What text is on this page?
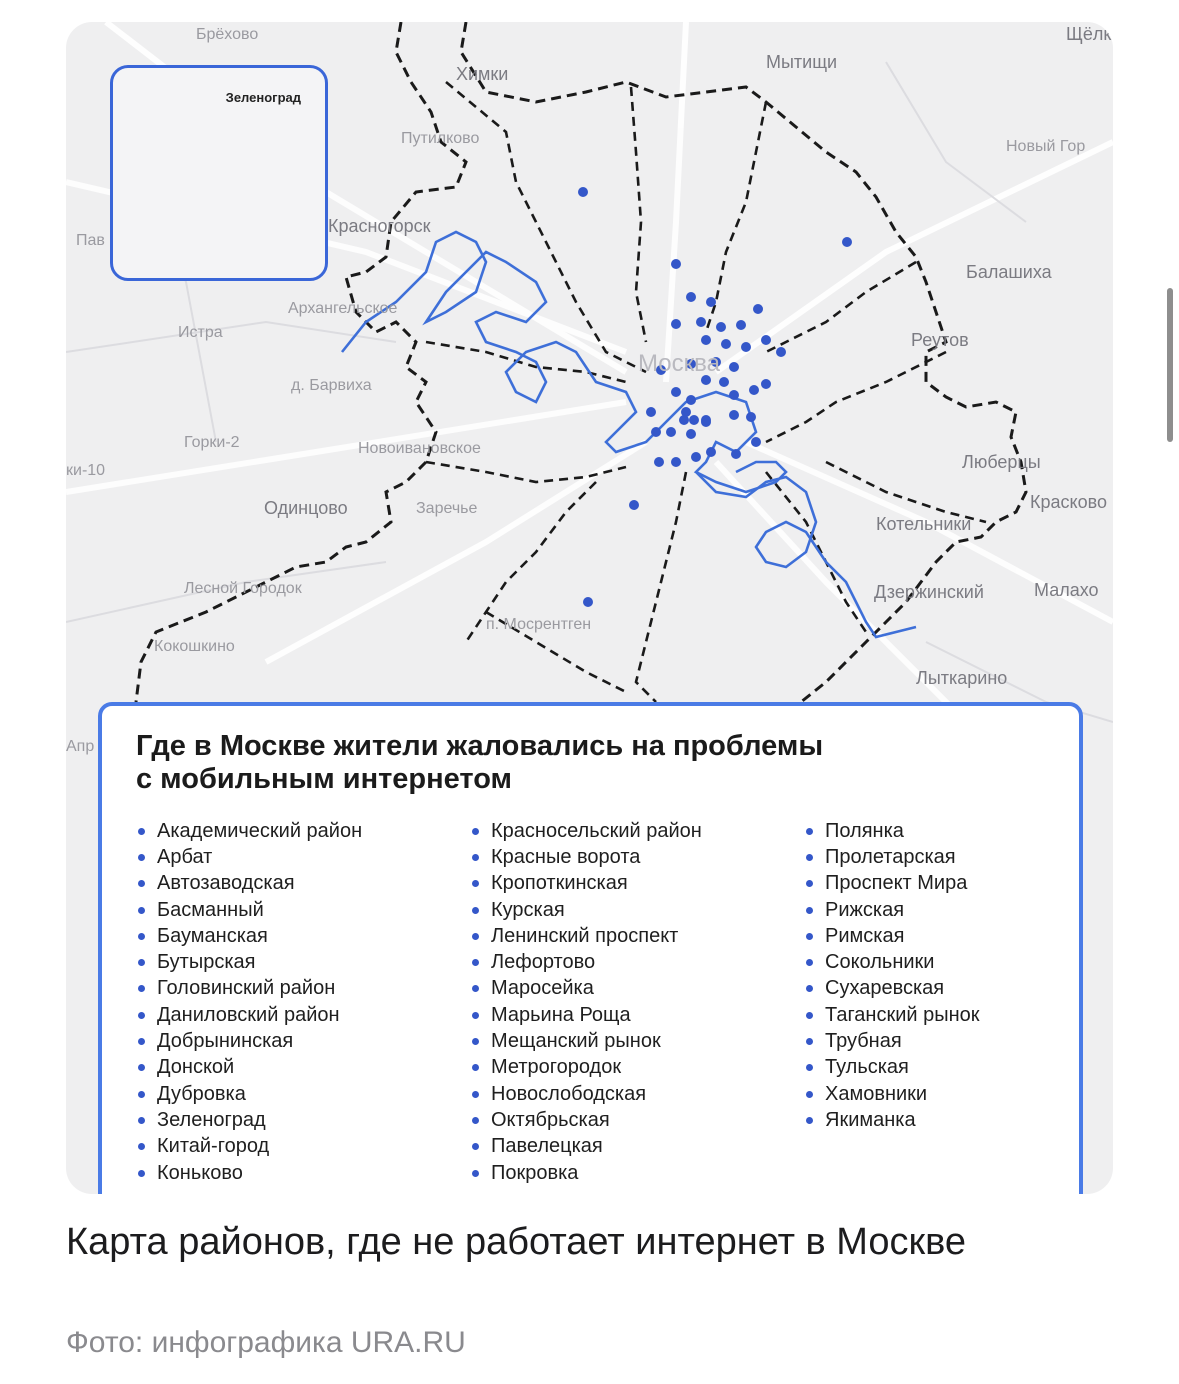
Зеленоград
Брёхово
Химки
Мытищи
Щёлк
Путилково	Новый Гор
Красногорск
Пав
Архангельское
Балашиха
Истра	Реутов
д. Барвиха
Москва
Горки-2	Новоивановское
Люберцы
ки-10
Одинцово	Заречье
Котельники
Красково
Дзержинский	Малахо
Лесной Городок
Кокошкино
п. Мосрентген
Лыткарино
Апр Где в Москве жители жаловались на проблемы
с мобильным интернетом
Академический район
Арбат
Автозаводская
Басманный
Бауманская
Бутырская
Головинский район
Даниловский район
Добрынинская
Донской
Дубровка
Зеленоград
Китай-город
Коньково
Красносельский район
Красные ворота
Кропоткинская
Курская
Ленинский проспект
Лефортово
Маросейка
Марьина Роща
Мещанский рынок
Метрогородок
Новослободская
Октябрьская
Павелецкая
Покровка
Полянка
Пролетарская
Проспект Мира
Рижская
Римская
Сокольники
Сухаревская
Таганский рынок
Трубная
Тульская
Хамовники
Якиманка
Карта районов, где не работает интернет в Москве
Фото: инфографика URA.RU
